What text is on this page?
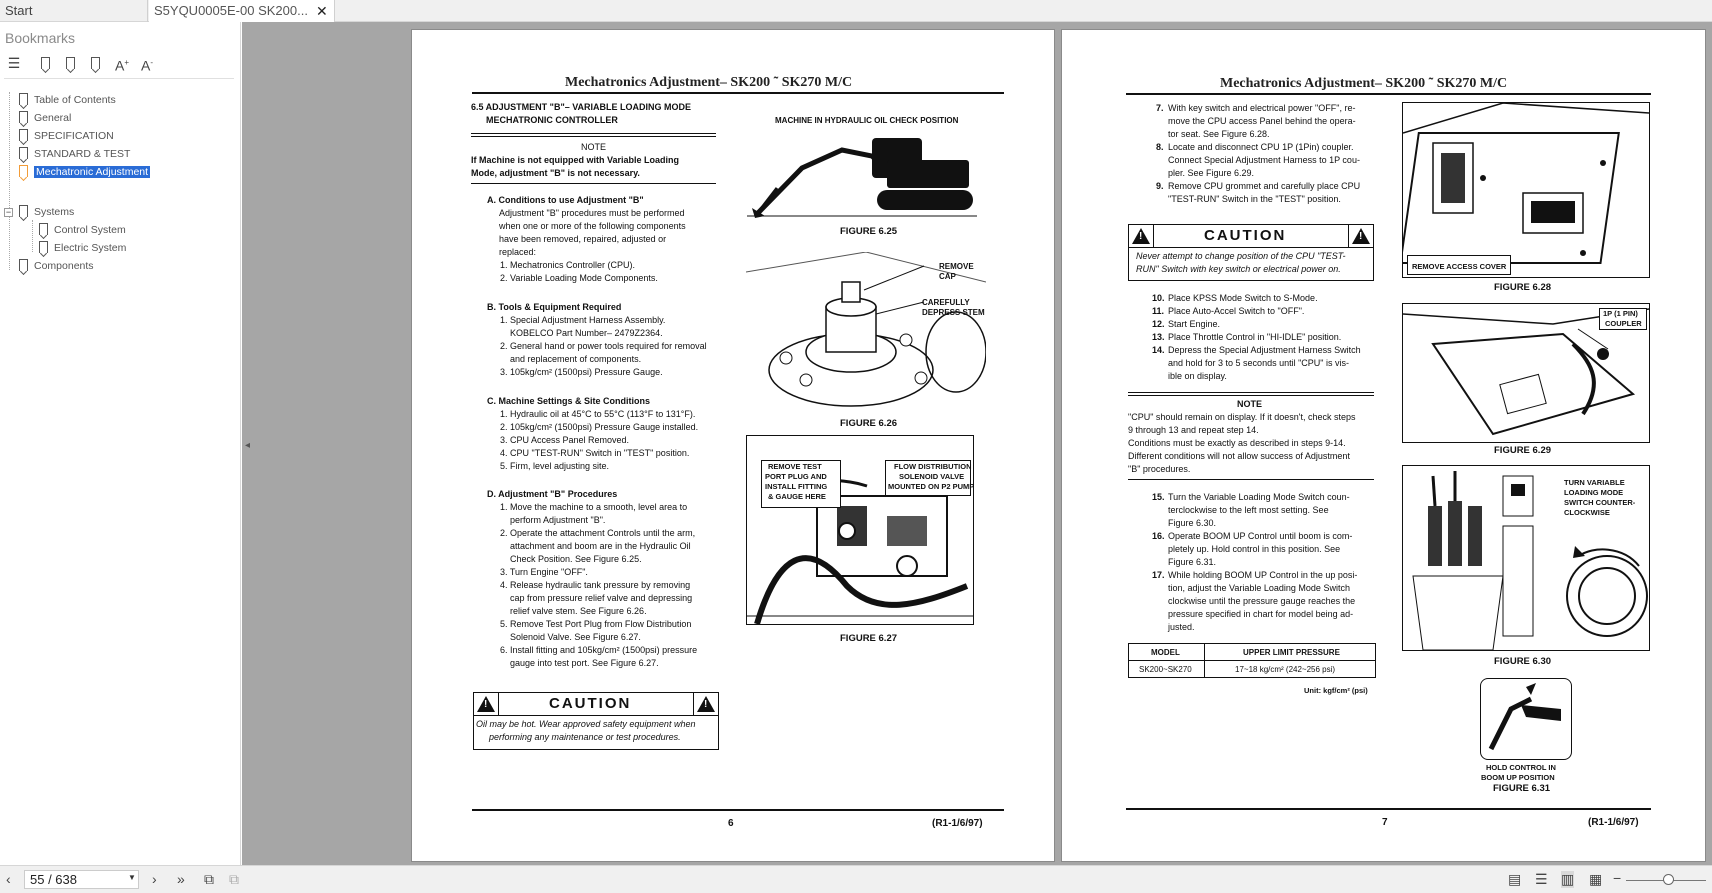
Start	S5YQU0005E-00 SK200... ✕
Bookmarks
☰	A+ A-
Table of Contents
General
SPECIFICATION
STANDARD & TEST
Mechatronic Adjustment
−	Systems
Control System
Electric System
Components
◂
Mechatronics Adjustment– SK200 ˜ SK270 M/C
6.5 ADJUSTMENT "B"– VARIABLE LOADING MODE
MECHATRONIC CONTROLLER
NOTE
If Machine is not equipped with Variable Loading
Mode, adjustment "B" is not necessary.
A. Conditions to use Adjustment "B"
Adjustment "B" procedures must be performed
when one or more of the following components
have been removed, repaired, adjusted or
replaced:
1. Mechatronics Controller (CPU).
2. Variable Loading Mode Components.
B. Tools & Equipment Required
1. Special Adjustment Harness Assembly.
KOBELCO Part Number– 2479Z2364.
2. General hand or power tools required for removal
and replacement of components.
3. 105kg/cm² (1500psi) Pressure Gauge.
C. Machine Settings & Site Conditions
1. Hydraulic oil at 45°C to 55°C (113°F to 131°F).
2. 105kg/cm² (1500psi) Pressure Gauge installed.
3. CPU Access Panel Removed.
4. CPU "TEST-RUN" Switch in "TEST" position.
5. Firm, level adjusting site.
D. Adjustment "B" Procedures
1. Move the machine to a smooth, level area to
perform Adjustment "B".
2. Operate the attachment Controls until the arm,
attachment and boom are in the Hydraulic Oil
Check Position. See Figure 6.25.
3. Turn Engine "OFF".
4. Release hydraulic tank pressure by removing
cap from pressure relief valve and depressing
relief valve stem. See Figure 6.26.
5. Remove Test Port Plug from Flow Distribution
Solenoid Valve. See Figure 6.27.
6. Install fitting and 105kg/cm² (1500psi) pressure
gauge into test port. See Figure 6.27.
!
!
CAUTION
Oil may be hot. Wear approved safety equipment when
performing any maintenance or test procedures.
MACHINE IN HYDRAULIC OIL CHECK POSITION
FIGURE 6.25
REMOVE
CAP
CAREFULLY
DEPRESS STEM
FIGURE 6.26
REMOVE TEST
PORT PLUG AND
INSTALL FITTING
& GAUGE HERE
FLOW DISTRIBUTION
SOLENOID VALVE
MOUNTED ON P2 PUMP
FIGURE 6.27
6	(R1-1/6/97)
Mechatronics Adjustment– SK200 ˜ SK270 M/C
7. With key switch and electrical power "OFF", re-
move the CPU access Panel behind the opera-
tor seat. See Figure 6.28.
8. Locate and disconnect CPU 1P (1Pin) coupler.
Connect Special Adjustment Harness to 1P cou-
pler. See Figure 6.29.
9. Remove CPU grommet and carefully place CPU
"TEST-RUN" Switch in the "TEST" position.
!
!
CAUTION
Never attempt to change position of the CPU "TEST-
RUN" Switch with key switch or electrical power on.
10. Place KPSS Mode Switch to S-Mode.
11. Place Auto-Accel Switch to "OFF".
12. Start Engine.
13. Place Throttle Control in "HI-IDLE" position.
14. Depress the Special Adjustment Harness Switch
and hold for 3 to 5 seconds until "CPU" is vis-
ible on display.
NOTE
"CPU" should remain on display. If it doesn't, check steps
9 through 13 and repeat step 14.
Conditions must be exactly as described in steps 9-14.
Different conditions will not allow success of Adjustment
"B" procedures.
15. Turn the Variable Loading Mode Switch coun-
terclockwise to the left most setting. See
Figure 6.30.
16. Operate BOOM UP Control until boom is com-
pletely up. Hold control in this position. See
Figure 6.31.
17. While holding BOOM UP Control in the up posi-
tion, adjust the Variable Loading Mode Switch
clockwise until the pressure gauge reaches the
pressure specified in chart for model being ad-
justed.
MODEL	UPPER LIMIT PRESSURE
SK200~SK270	17~18 kg/cm² (242~256 psi)
Unit: kgf/cm² (psi)
REMOVE ACCESS COVER
FIGURE 6.28
1P (1 PIN)
COUPLER
FIGURE 6.29
TURN VARIABLE
LOADING MODE
SWITCH COUNTER-
CLOCKWISE
FIGURE 6.30
HOLD CONTROL IN
BOOM UP POSITION
FIGURE 6.31
7	(R1-1/6/97)
‹	55 / 638	▼ › » ⧉ ⧉	▤ ☰ ▥ ▦ −
